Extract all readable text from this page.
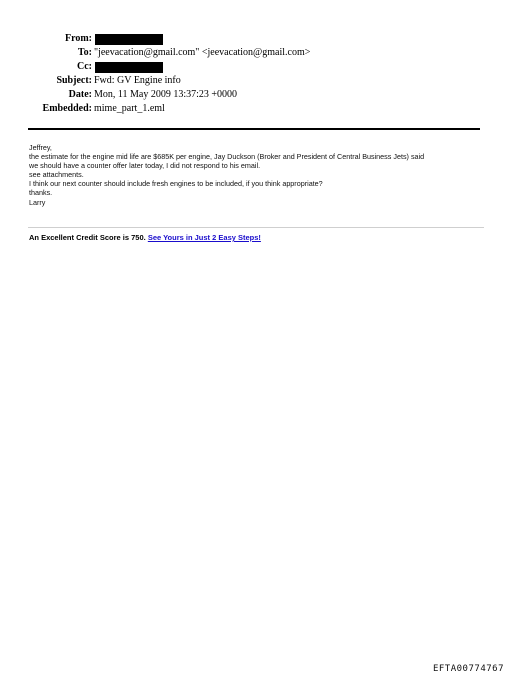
From:
To: "jeevacation@gmail.com" <jeevacation@gmail.com>
Cc:
Subject: Fwd: GV Engine info
Date: Mon, 11 May 2009 13:37:23 +0000
Embedded: mime_part_1.eml
Jeffrey,
the estimate for the engine mid life are $685K per engine, Jay Duckson (Broker and President of Central Business Jets) said
we should have a counter offer later today, I did not respond to his email.
see attachments.
I think our next counter should include fresh engines to be included, if you think appropriate?
thanks.
Larry
An Excellent Credit Score is 750. See Yours in Just 2 Easy Steps!
EFTA00774767
